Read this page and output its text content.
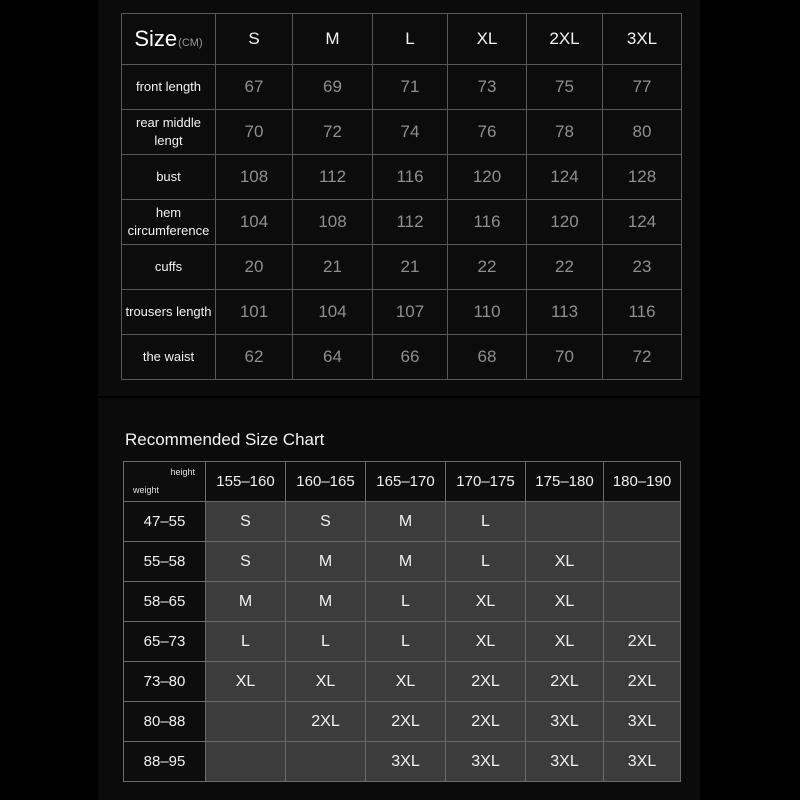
Size(CM)	S	M	L	XL	2XL	3XL
front length	67	69	71	73	75	77
rear middle lengt	70	72	74	76	78	80
bust	108	112	116	120	124	128
hem circumference	104	108	112	116	120	124
cuffs	20	21	21	22	22	23
trousers length	101	104	107	110	113	116
the waist	62	64	66	68	70	72
Recommended Size Chart
height
weight	155–160	160–165	165–170	170–175	175–180	180–190
47–55	S	S	M	L		
55–58	S	M	M	L	XL	
58–65	M	M	L	XL	XL	
65–73	L	L	L	XL	XL	2XL
73–80	XL	XL	XL	2XL	2XL	2XL
80–88		2XL	2XL	2XL	3XL	3XL
88–95			3XL	3XL	3XL	3XL
